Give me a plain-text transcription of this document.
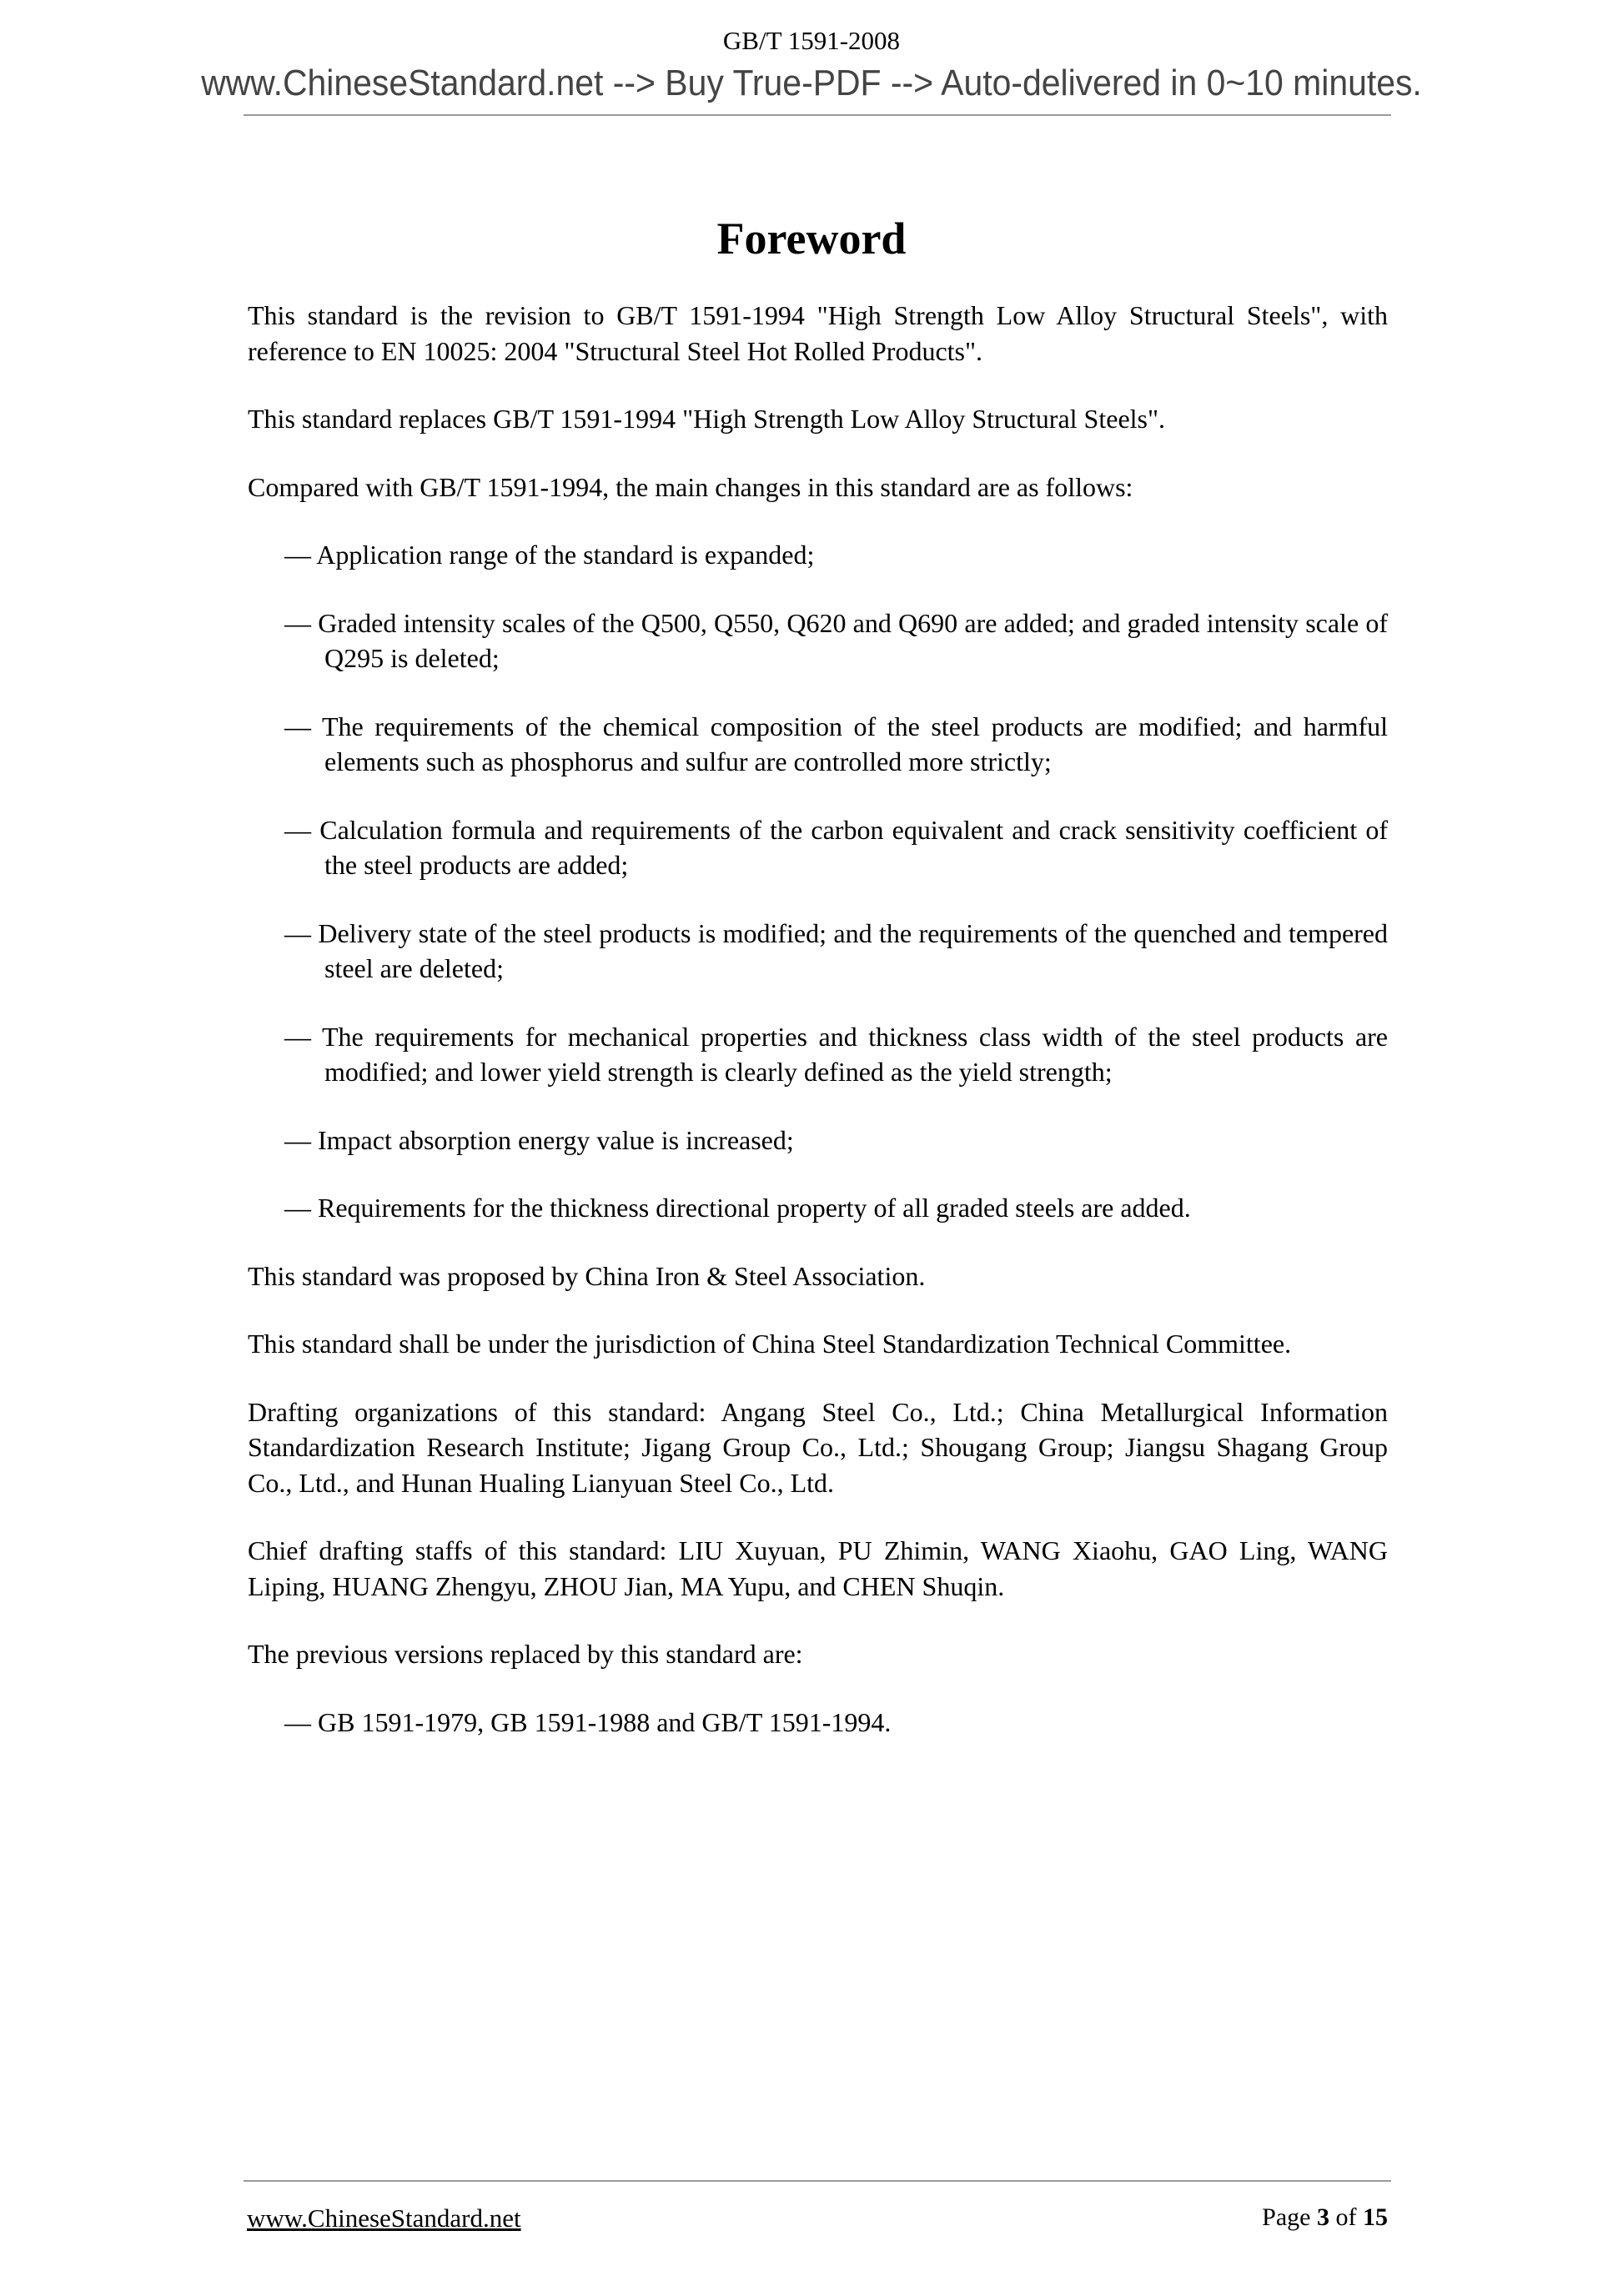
GB/T 1591-2008
www.ChineseStandard.net --> Buy True-PDF --> Auto-delivered in 0~10 minutes.
Foreword

This standard is the revision to GB/T 1591-1994 "High Strength Low Alloy Structural Steels", with reference to EN 10025: 2004 "Structural Steel Hot Rolled Products".

This standard replaces GB/T 1591-1994 "High Strength Low Alloy Structural Steels".

Compared with GB/T 1591-1994, the main changes in this standard are as follows:

— Application range of the standard is expanded;

— Graded intensity scales of the Q500, Q550, Q620 and Q690 are added; and graded intensity scale of Q295 is deleted;

— The requirements of the chemical composition of the steel products are modified; and harmful elements such as phosphorus and sulfur are controlled more strictly;

— Calculation formula and requirements of the carbon equivalent and crack sensitivity coefficient of the steel products are added;

— Delivery state of the steel products is modified; and the requirements of the quenched and tempered steel are deleted;

— The requirements for mechanical properties and thickness class width of the steel products are modified; and lower yield strength is clearly defined as the yield strength;

— Impact absorption energy value is increased;

— Requirements for the thickness directional property of all graded steels are added.

This standard was proposed by China Iron & Steel Association.

This standard shall be under the jurisdiction of China Steel Standardization Technical Committee.

Drafting organizations of this standard: Angang Steel Co., Ltd.; China Metallurgical Information Standardization Research Institute; Jigang Group Co., Ltd.; Shougang Group; Jiangsu Shagang Group Co., Ltd., and Hunan Hualing Lianyuan Steel Co., Ltd.

Chief drafting staffs of this standard: LIU Xuyuan, PU Zhimin, WANG Xiaohu, GAO Ling, WANG Liping, HUANG Zhengyu, ZHOU Jian, MA Yupu, and CHEN Shuqin.

The previous versions replaced by this standard are:

— GB 1591-1979, GB 1591-1988 and GB/T 1591-1994.

www.ChineseStandard.net	Page 3 of 15
